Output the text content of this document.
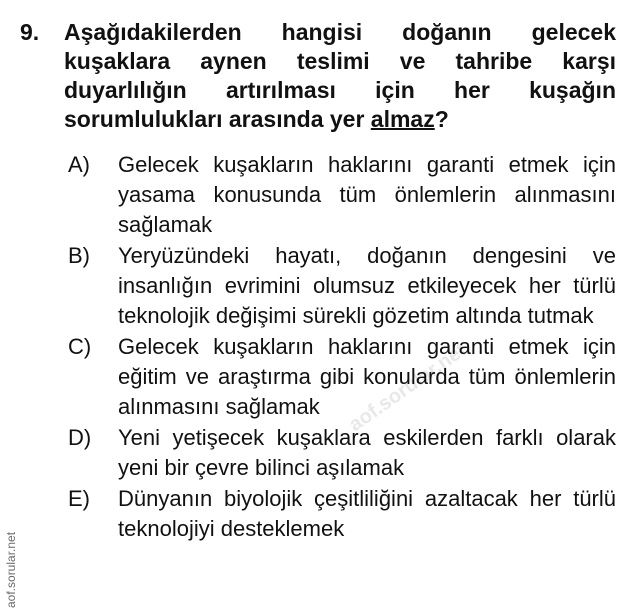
9.	Aşağıdakilerden hangisi doğanın gelecek kuşaklara aynen teslimi ve tahribe karşı duyarlılığın artırılması için her kuşağın sorumlulukları arasında yer almaz?
A)	Gelecek kuşakların haklarını garanti etmek için yasama konusunda tüm önlemlerin alınmasını sağlamak
B)	Yeryüzündeki hayatı, doğanın dengesini ve insanlığın evrimini olumsuz etkileyecek her türlü teknolojik değişimi sürekli gözetim altında tutmak
C)	Gelecek kuşakların haklarını garanti etmek için eğitim ve araştırma gibi konularda tüm önlemlerin alınmasını sağlamak
D)	Yeni yetişecek kuşaklara eskilerden farklı olarak yeni bir çevre bilinci aşılamak
E)	Dünyanın biyolojik çeşitliliğini azaltacak her türlü teknolojiyi desteklemek
aof.sorular.net
aof.sorular.net
